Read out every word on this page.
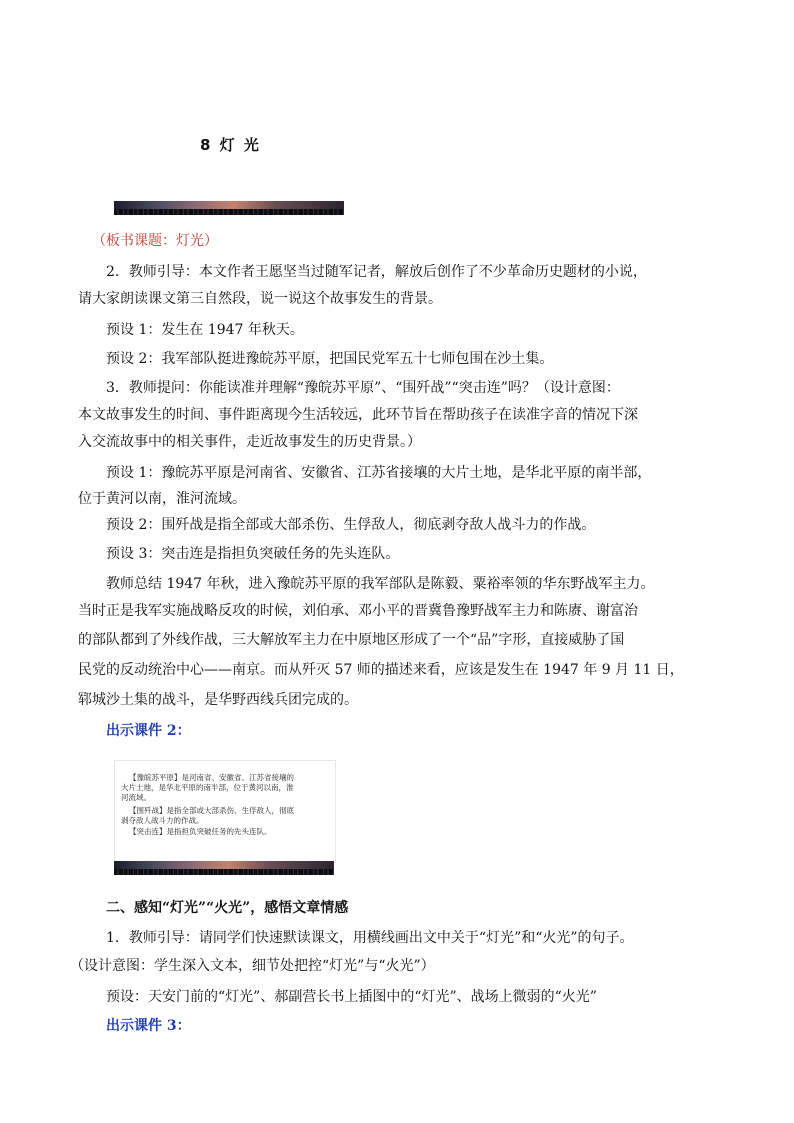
8 灯 光
（板书课题：灯光）
2．教师引导：本文作者王愿坚当过随军记者，解放后创作了不少革命历史题材的小说，
请大家朗读课文第三自然段，说一说这个故事发生的背景。
预设 1：发生在 1947 年秋天。
预设 2：我军部队挺进豫皖苏平原，把国民党军五十七师包围在沙土集。
3．教师提问：你能读准并理解“豫皖苏平原”、“围歼战”“突击连”吗？（设计意图：
本文故事发生的时间、事件距离现今生活较远，此环节旨在帮助孩子在读准字音的情况下深
入交流故事中的相关事件，走近故事发生的历史背景。）
预设 1：豫皖苏平原是河南省、安徽省、江苏省接壤的大片土地，是华北平原的南半部，
位于黄河以南，淮河流域。
预设 2：围歼战是指全部或大部杀伤、生俘敌人，彻底剥夺敌人战斗力的作战。
预设 3：突击连是指担负突破任务的先头连队。
教师总结 1947 年秋，进入豫皖苏平原的我军部队是陈毅、粟裕率领的华东野战军主力。
当时正是我军实施战略反攻的时候，刘伯承、邓小平的晋冀鲁豫野战军主力和陈赓、谢富治
的部队都到了外线作战，三大解放军主力在中原地区形成了一个“品”字形，直接威胁了国
民党的反动统治中心——南京。而从歼灭 57 师的描述来看，应该是发生在 1947 年 9 月 11 日，
郓城沙土集的战斗，是华野西线兵团完成的。
出示课件 2：
【豫皖苏平原】是河南省、安徽省、江苏省接壤的
大片土地，是华北平原的南半部，位于黄河以南，淮
河流域。
【围歼战】是指全部或大部杀伤、生俘敌人，彻底
剥夺敌人战斗力的作战。
【突击连】是指担负突破任务的先头连队。
二、感知“灯光”“火光”，感悟文章情感
1．教师引导：请同学们快速默读课文，用横线画出文中关于“灯光”和“火光”的句子。
（设计意图：学生深入文本，细节处把控“灯光”与“火光”）
预设：天安门前的“灯光”、郝副营长书上插图中的“灯光”、战场上微弱的“火光”
出示课件 3：
